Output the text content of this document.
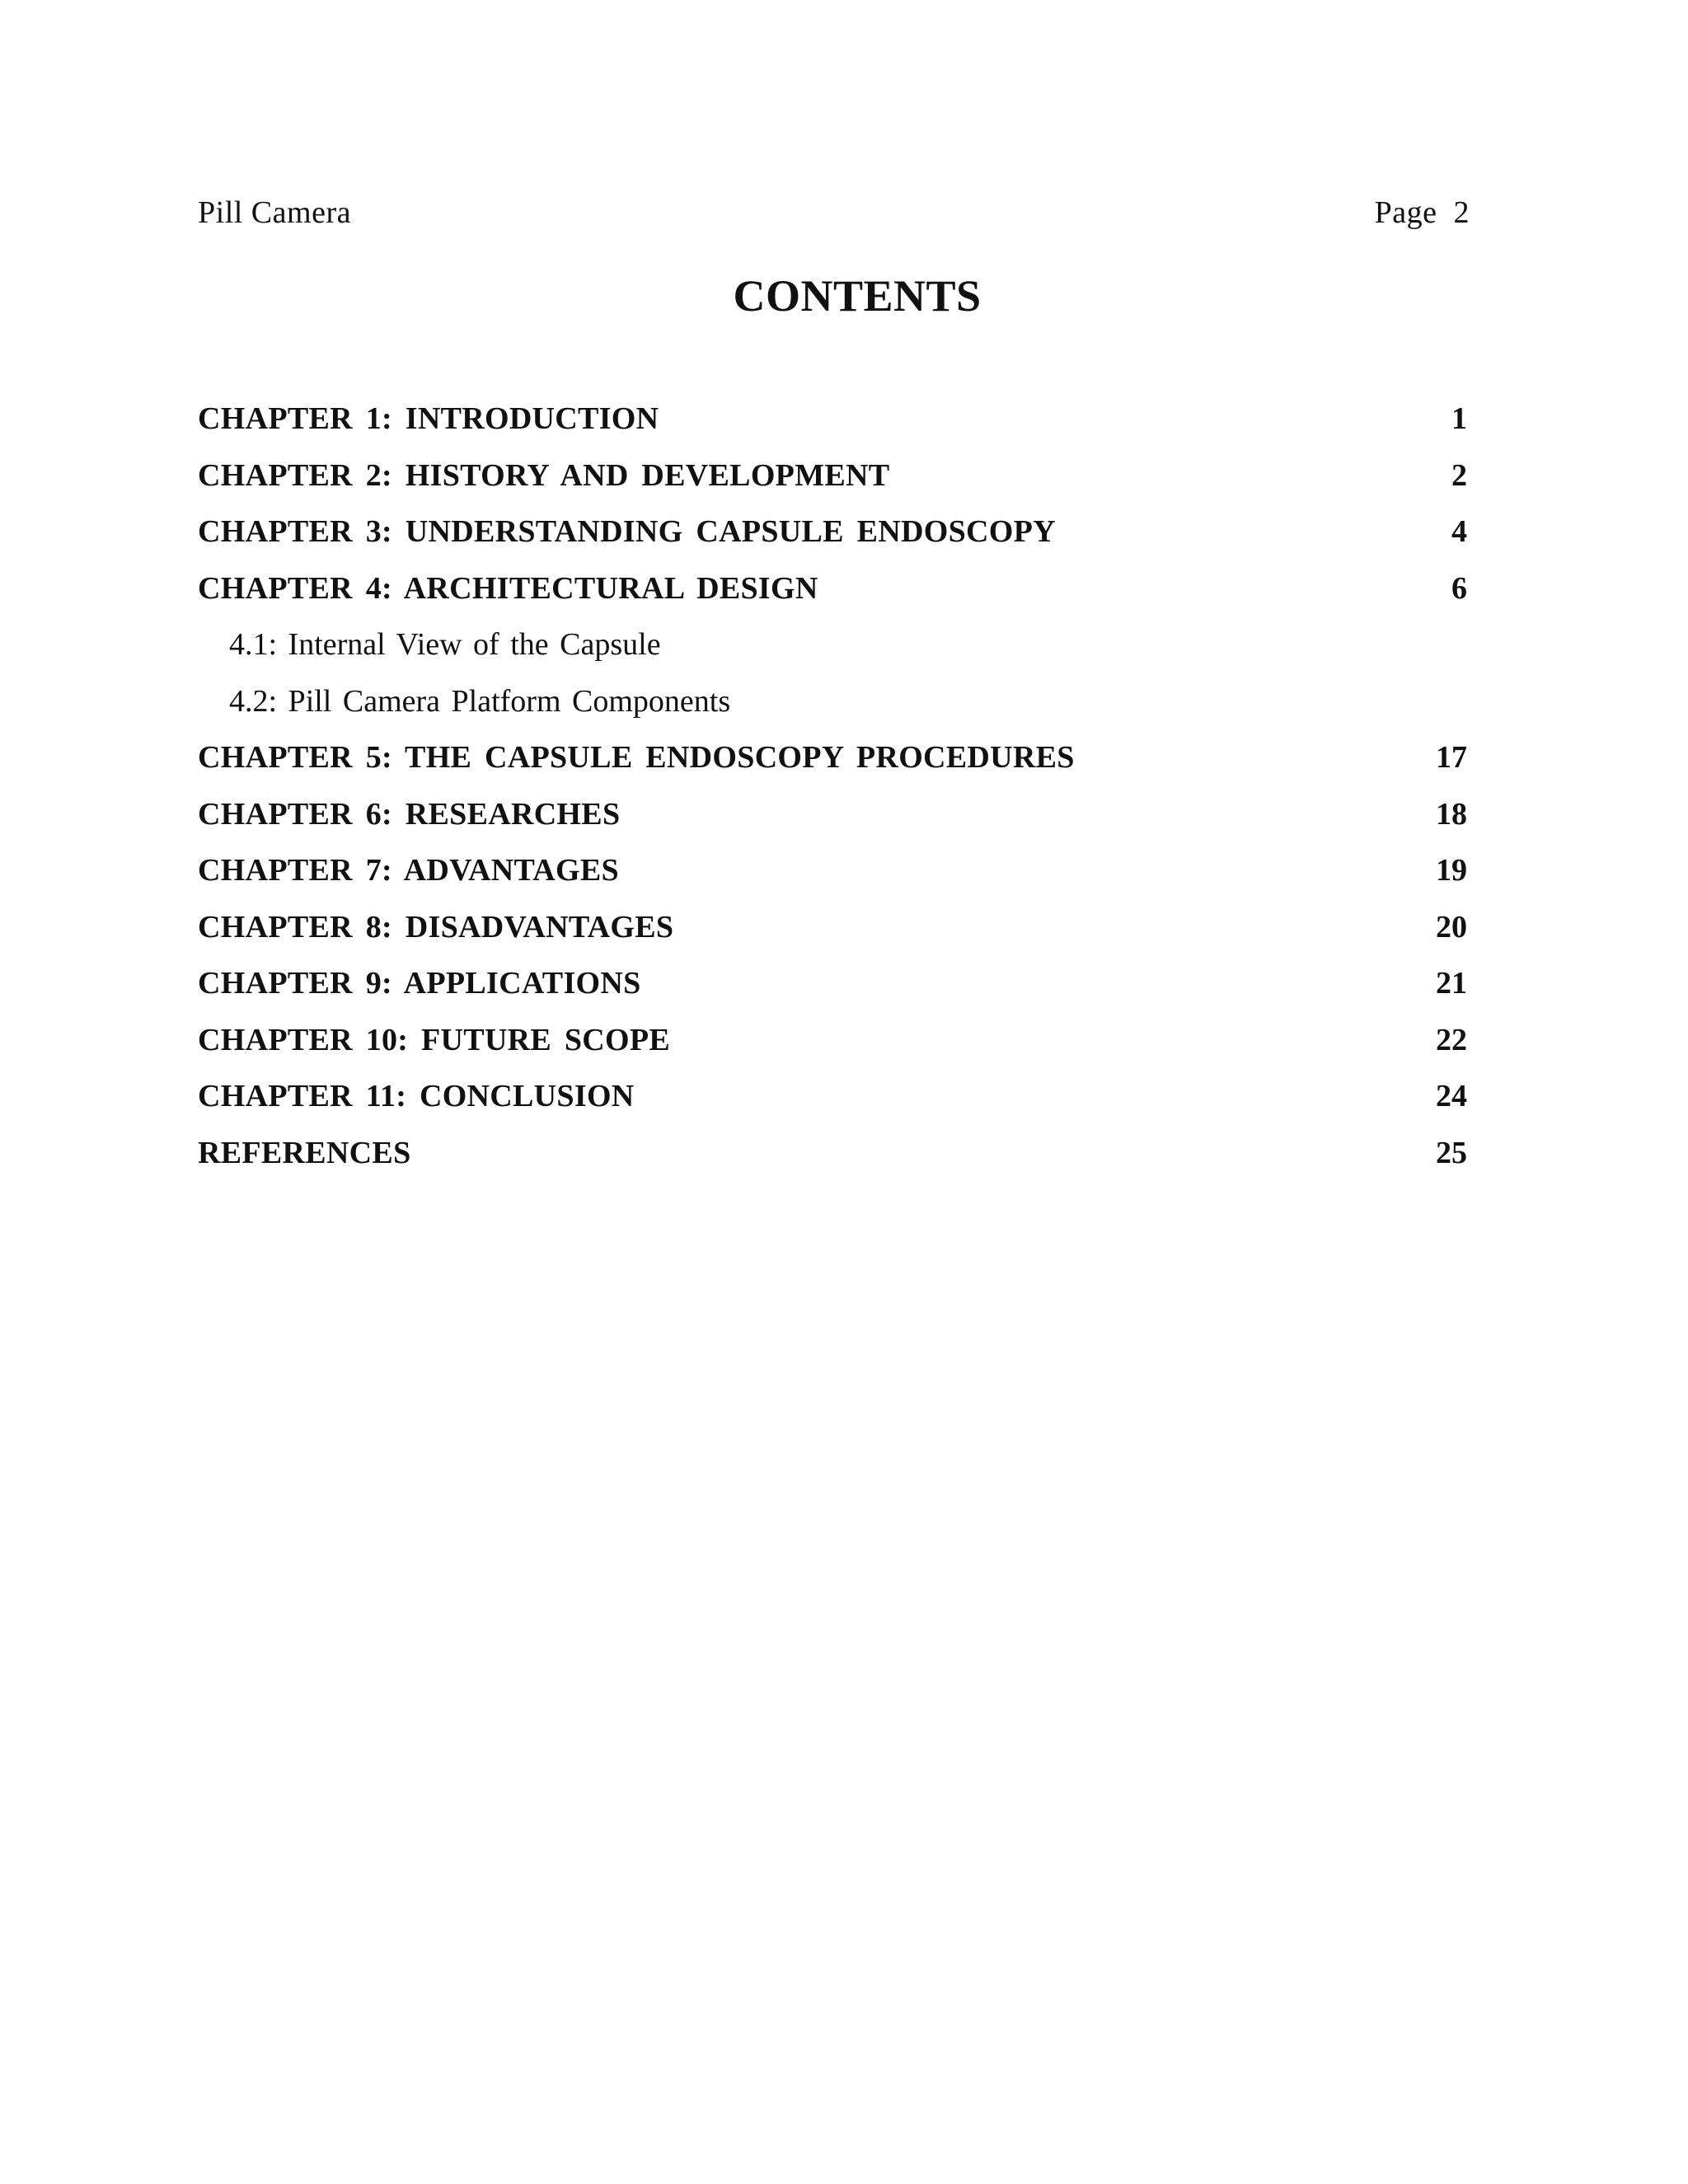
Pill Camera	Page 2
CONTENTS
CHAPTER 1: INTRODUCTION	1
CHAPTER 2: HISTORY AND DEVELOPMENT	2
CHAPTER 3: UNDERSTANDING CAPSULE ENDOSCOPY	4
CHAPTER 4: ARCHITECTURAL DESIGN	6
4.1: Internal View of the Capsule
4.2: Pill Camera Platform Components
CHAPTER 5: THE CAPSULE ENDOSCOPY PROCEDURES	17
CHAPTER 6: RESEARCHES	18
CHAPTER 7: ADVANTAGES	19
CHAPTER 8: DISADVANTAGES	20
CHAPTER 9: APPLICATIONS	21
CHAPTER 10: FUTURE SCOPE	22
CHAPTER 11: CONCLUSION	24
REFERENCES	25
